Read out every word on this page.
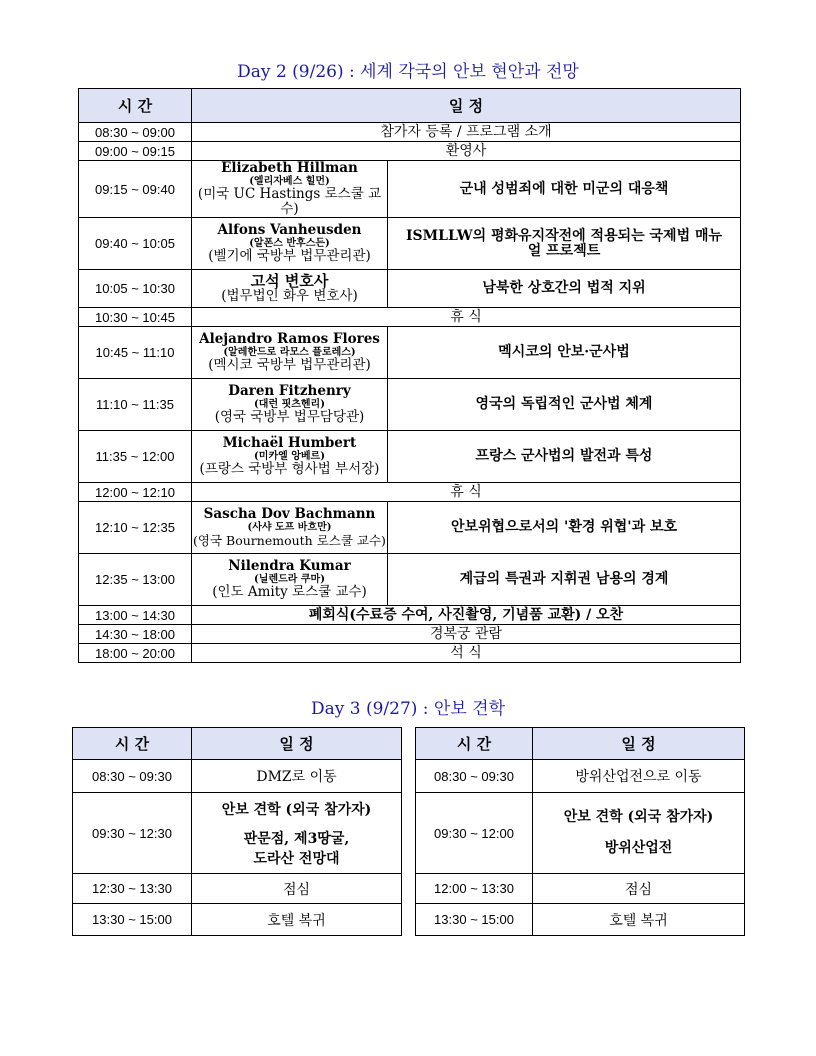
Day 2 (9/26) : 세계 각국의 안보 현안과 전망
시 간	일 정	
08:30 ~ 09:00	참가자 등록 / 프로그램 소개	
09:00 ~ 09:15	환영사	
09:15 ~ 09:40	Elizabeth Hillman
(엘리자베스 힐먼)
(미국 UC Hastings 로스쿨 교수)	군내 성범죄에 대한 미군의 대응책
09:40 ~ 10:05	Alfons Vanheusden
(알폰스 반후스든)
(벨기에 국방부 법무관리관)	ISMLLW의 평화유지작전에 적용되는 국제법 매뉴얼 프로젝트
10:05 ~ 10:30	고석 변호사
(법무법인 화우 변호사)	남북한 상호간의 법적 지위
10:30 ~ 10:45	휴 식	
10:45 ~ 11:10	Alejandro Ramos Flores
(알레한드로 라모스 플로레스)
(멕시코 국방부 법무관리관)	멕시코의 안보·군사법
11:10 ~ 11:35	Daren Fitzhenry
(대런 핏츠헨리)
(영국 국방부 법무담당관)	영국의 독립적인 군사법 체계
11:35 ~ 12:00	Michaël Humbert
(미카엘 앙베르)
(프랑스 국방부 형사법 부서장)	프랑스 군사법의 발전과 특성
12:00 ~ 12:10	휴 식	
12:10 ~ 12:35	Sascha Dov Bachmann
(사샤 도프 바흐만)
(영국 Bournemouth 로스쿨 교수)	안보위협으로서의 '환경 위협'과 보호
12:35 ~ 13:00	Nilendra Kumar
(닐렌드라 쿠마)
(인도 Amity 로스쿨 교수)	계급의 특권과 지휘권 남용의 경계
13:00 ~ 14:30	폐회식(수료증 수여, 사진촬영, 기념품 교환) / 오찬	
14:30 ~ 18:00	경복궁 관람	
18:00 ~ 20:00	석 식	
Day 3 (9/27) : 안보 견학
시 간	일 정
08:30 ~ 09:30	DMZ로 이동
09:30 ~ 12:30	안보 견학 (외국 참가자)
판문점, 제3땅굴,
도라산 전망대

12:30 ~ 13:30	점심
13:30 ~ 15:00	호텔 복귀
시 간	일 정
08:30 ~ 09:30	방위산업전으로 이동
09:30 ~ 12:00	안보 견학 (외국 참가자)
방위산업전

12:00 ~ 13:30	점심
13:30 ~ 15:00	호텔 복귀
